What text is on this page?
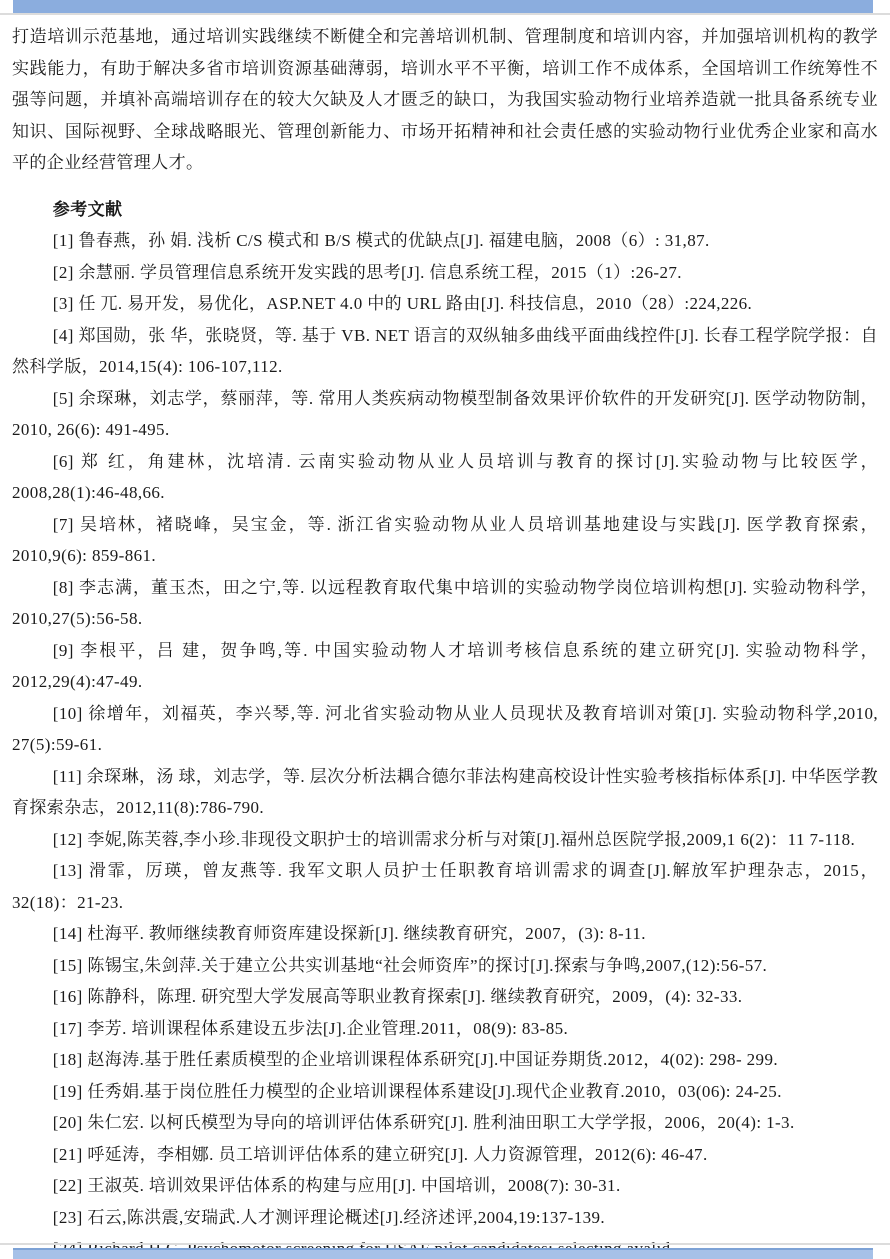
打造培训示范基地，通过培训实践继续不断健全和完善培训机制、管理制度和培训内容，并加强培训机构的教学实践能力，有助于解决多省市培训资源基础薄弱，培训水平不平衡，培训工作不成体系，全国培训工作统筹性不强等问题，并填补高端培训存在的较大欠缺及人才匮乏的缺口，为我国实验动物行业培养造就一批具备系统专业知识、国际视野、全球战略眼光、管理创新能力、市场开拓精神和社会责任感的实验动物行业优秀企业家和高水平的企业经营管理人才。

参考文献

[1] 鲁春燕，孙 娟. 浅析 C/S 模式和 B/S 模式的优缺点[J]. 福建电脑，2008（6）: 31,87.

[2] 余慧丽. 学员管理信息系统开发实践的思考[J]. 信息系统工程，2015（1）:26-27.

[3] 任 兀. 易开发，易优化，ASP.NET 4.0 中的 URL 路由[J]. 科技信息，2010（28）:224,226.

[4] 郑国勋，张 华，张晓贤，等. 基于 VB. NET 语言的双纵轴多曲线平面曲线控件[J]. 长春工程学院学报：自然科学版，2014,15(4): 106-107,112.

[5] 余琛琳，刘志学，蔡丽萍，等. 常用人类疾病动物模型制备效果评价软件的开发研究[J]. 医学动物防制，2010, 26(6): 491-495.

[6] 郑 红，角建林，沈培清. 云南实验动物从业人员培训与教育的探讨[J].实验动物与比较医学，2008,28(1):46-48,66.

[7] 吴培林，褚晓峰，吴宝金，等. 浙江省实验动物从业人员培训基地建设与实践[J]. 医学教育探索，2010,9(6): 859-861.

[8] 李志满，董玉杰，田之宁,等. 以远程教育取代集中培训的实验动物学岗位培训构想[J]. 实验动物科学，2010,27(5):56-58.

[9] 李根平，吕 建，贺争鸣,等. 中国实验动物人才培训考核信息系统的建立研究[J]. 实验动物科学，2012,29(4):47-49.

[10] 徐增年，刘福英，李兴琴,等. 河北省实验动物从业人员现状及教育培训对策[J]. 实验动物科学,2010, 27(5):59-61.

[11] 余琛琳，汤 球，刘志学，等. 层次分析法耦合德尔菲法构建高校设计性实验考核指标体系[J]. 中华医学教育探索杂志，2012,11(8):786-790.

[12] 李妮,陈芙蓉,李小珍.非现役文职护士的培训需求分析与对策[J].福州总医院学报,2009,1 6(2)：11 7-118.

[13] 滑霏，厉瑛，曾友燕等. 我军文职人员护士任职教育培训需求的调查[J].解放军护理杂志，2015，32(18)：21-23.

[14] 杜海平. 教师继续教育师资库建设探新[J]. 继续教育研究，2007，(3): 8-11.

[15] 陈锡宝,朱剑萍.关于建立公共实训基地“社会师资库”的探讨[J].探索与争鸣,2007,(12):56-57.

[16] 陈静科，陈理. 研究型大学发展高等职业教育探索[J]. 继续教育研究，2009，(4): 32-33.

[17] 李芳. 培训课程体系建设五步法[J].企业管理.2011，08(9): 83-85.

[18] 赵海涛.基于胜任素质模型的企业培训课程体系研究[J].中国证券期货.2012，4(02): 298- 299.

[19] 任秀娟.基于岗位胜任力模型的企业培训课程体系建设[J].现代企业教育.2010，03(06): 24-25.

[20] 朱仁宏. 以柯氏模型为导向的培训评估体系研究[J]. 胜利油田职工大学学报，2006，20(4): 1-3.

[21] 呼延涛，李相娜. 员工培训评估体系的建立研究[J]. 人力资源管理，2012(6): 46-47.

[22] 王淑英. 培训效果评估体系的构建与应用[J]. 中国培训，2008(7): 30-31.

[23] 石云,陈洪震,安瑞武.人才测评理论概述[J].经济述评,2004,19:137-139.
